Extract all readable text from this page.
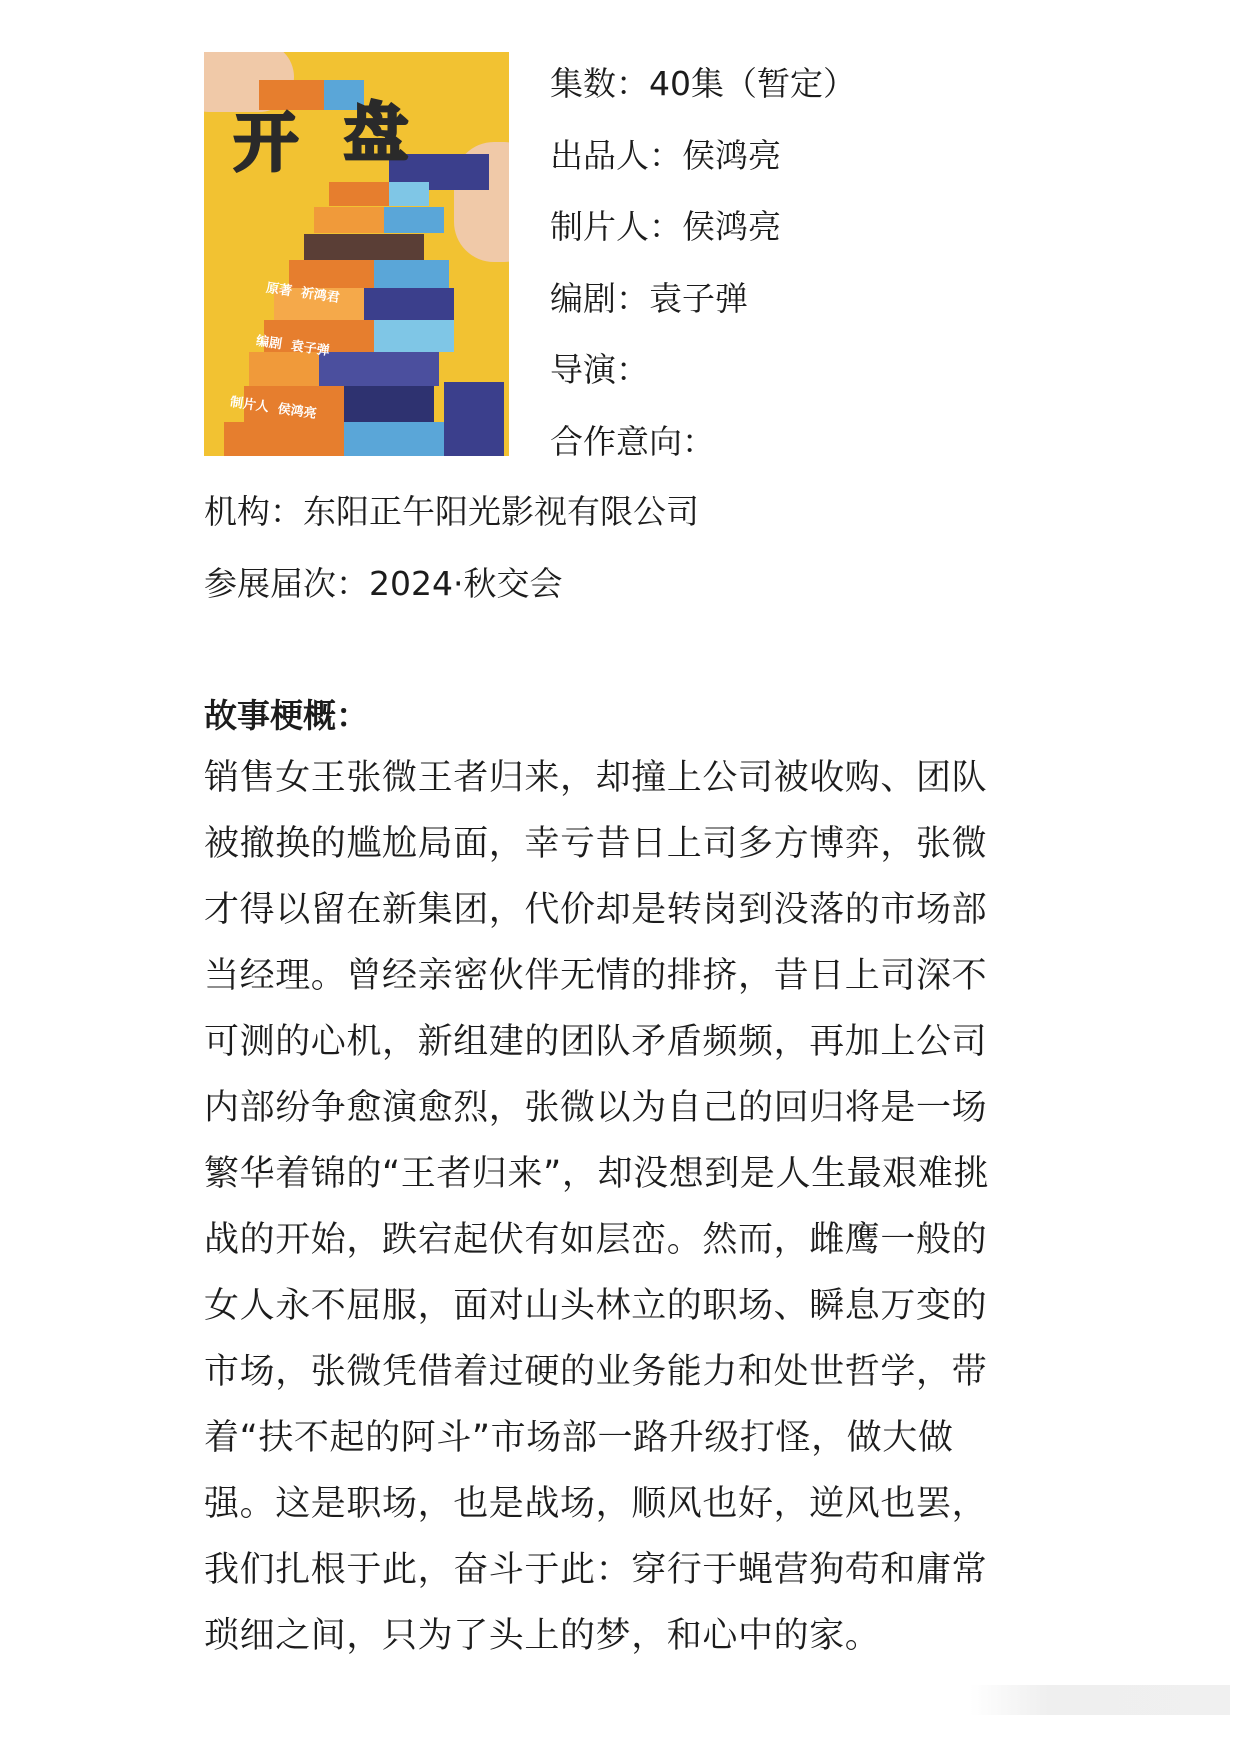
开 盘
原著 祈鸿君
编剧 袁子弹
制片人 侯鸿亮
集数：40集（暂定）
出品人：侯鸿亮
制片人：侯鸿亮
编剧：袁子弹
导演：
合作意向：
机构：东阳正午阳光影视有限公司
参展届次：2024·秋交会
故事梗概：
销售女王张微王者归来，却撞上公司被收购、团队
被撤换的尴尬局面，幸亏昔日上司多方博弈，张微
才得以留在新集团，代价却是转岗到没落的市场部
当经理。曾经亲密伙伴无情的排挤，昔日上司深不
可测的心机，新组建的团队矛盾频频，再加上公司
内部纷争愈演愈烈，张微以为自己的回归将是一场
繁华着锦的“王者归来”，却没想到是人生最艰难挑
战的开始，跌宕起伏有如层峦。然而，雌鹰一般的
女人永不屈服，面对山头林立的职场、瞬息万变的
市场，张微凭借着过硬的业务能力和处世哲学，带
着“扶不起的阿斗”市场部一路升级打怪，做大做
强。这是职场，也是战场，顺风也好，逆风也罢，
我们扎根于此，奋斗于此：穿行于蝇营狗苟和庸常
琐细之间，只为了头上的梦，和心中的家。
